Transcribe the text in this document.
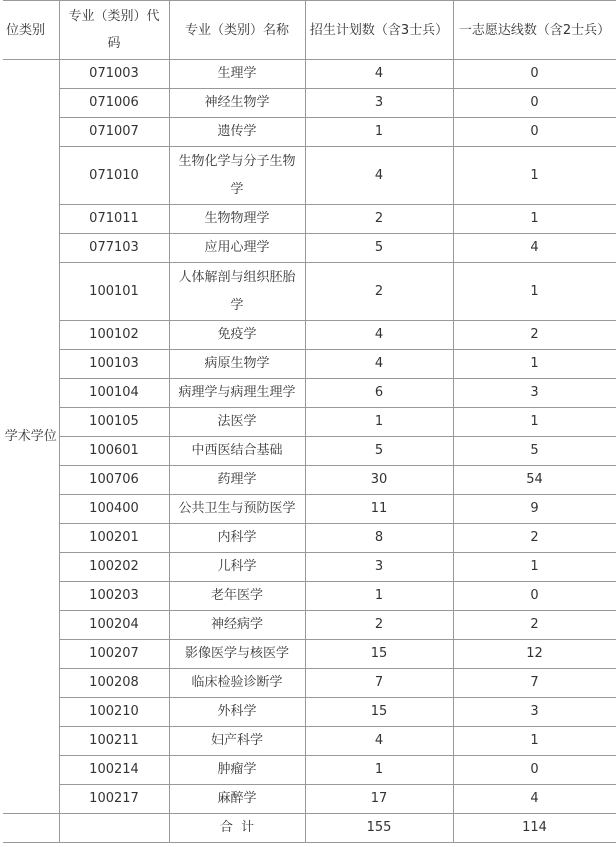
位类别	专业（类别）代码	专业（类别）名称	招生计划数（含3士兵）	一志愿达线数（含2士兵）
学术学位	071003	生理学	4	0
	071006	神经生物学	3	0
	071007	遗传学	1	0
	071010	生物化学与分子生物学	4	1
	071011	生物物理学	2	1
	077103	应用心理学	5	4
	100101	人体解剖与组织胚胎学	2	1
	100102	免疫学	4	2
	100103	病原生物学	4	1
	100104	病理学与病理生理学	6	3
	100105	法医学	1	1
	100601	中西医结合基础	5	5
	100706	药理学	30	54
	100400	公共卫生与预防医学	11	9
	100201	内科学	8	2
	100202	儿科学	3	1
	100203	老年医学	1	0
	100204	神经病学	2	2
	100207	影像医学与核医学	15	12
	100208	临床检验诊断学	7	7
	100210	外科学	15	3
	100211	妇产科学	4	1
	100214	肿瘤学	1	0
	100217	麻醉学	17	4
		合  计	155	114
